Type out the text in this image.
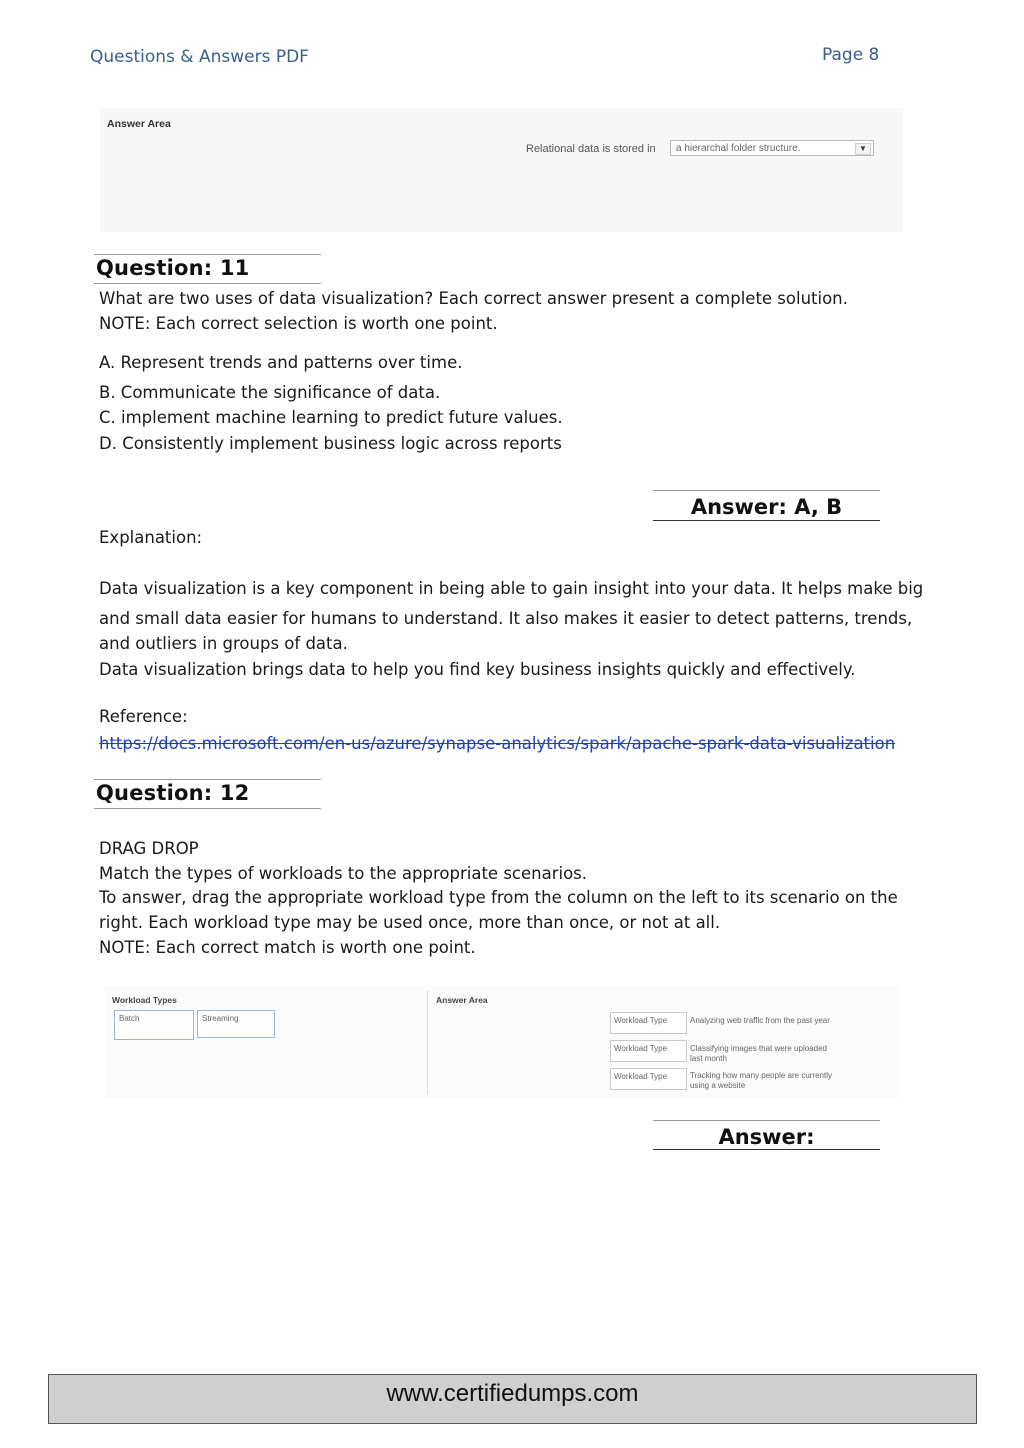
Questions & Answers PDF	Page 8
Answer Area
Relational data is stored in	a hierarchal folder structure.	▼
Question: 11
What are two uses of data visualization? Each correct answer present a complete solution.
NOTE: Each correct selection is worth one point.
A. Represent trends and patterns over time.
B. Communicate the significance of data.
C. implement machine learning to predict future values.
D. Consistently implement business logic across reports
Answer: A, B
Explanation:
Data visualization is a key component in being able to gain insight into your data. It helps make big
and small data easier for humans to understand. It also makes it easier to detect patterns, trends,
and outliers in groups of data.
Data visualization brings data to help you find key business insights quickly and effectively.
Reference:
https://docs.microsoft.com/en-us/azure/synapse-analytics/spark/apache-spark-data-visualization
Question: 12
DRAG DROP
Match the types of workloads to the appropriate scenarios.
To answer, drag the appropriate workload type from the column on the left to its scenario on the
right. Each workload type may be used once, more than once, or not at all.
NOTE: Each correct match is worth one point.
Workload Types
Batch	Streaming
Answer Area
Workload Type	Analyzing web traffic from the past year
Workload Type	Classifying images that were uploaded last month
Workload Type	Tracking how many people are currently using a website
Answer:
www.certifiedumps.com
